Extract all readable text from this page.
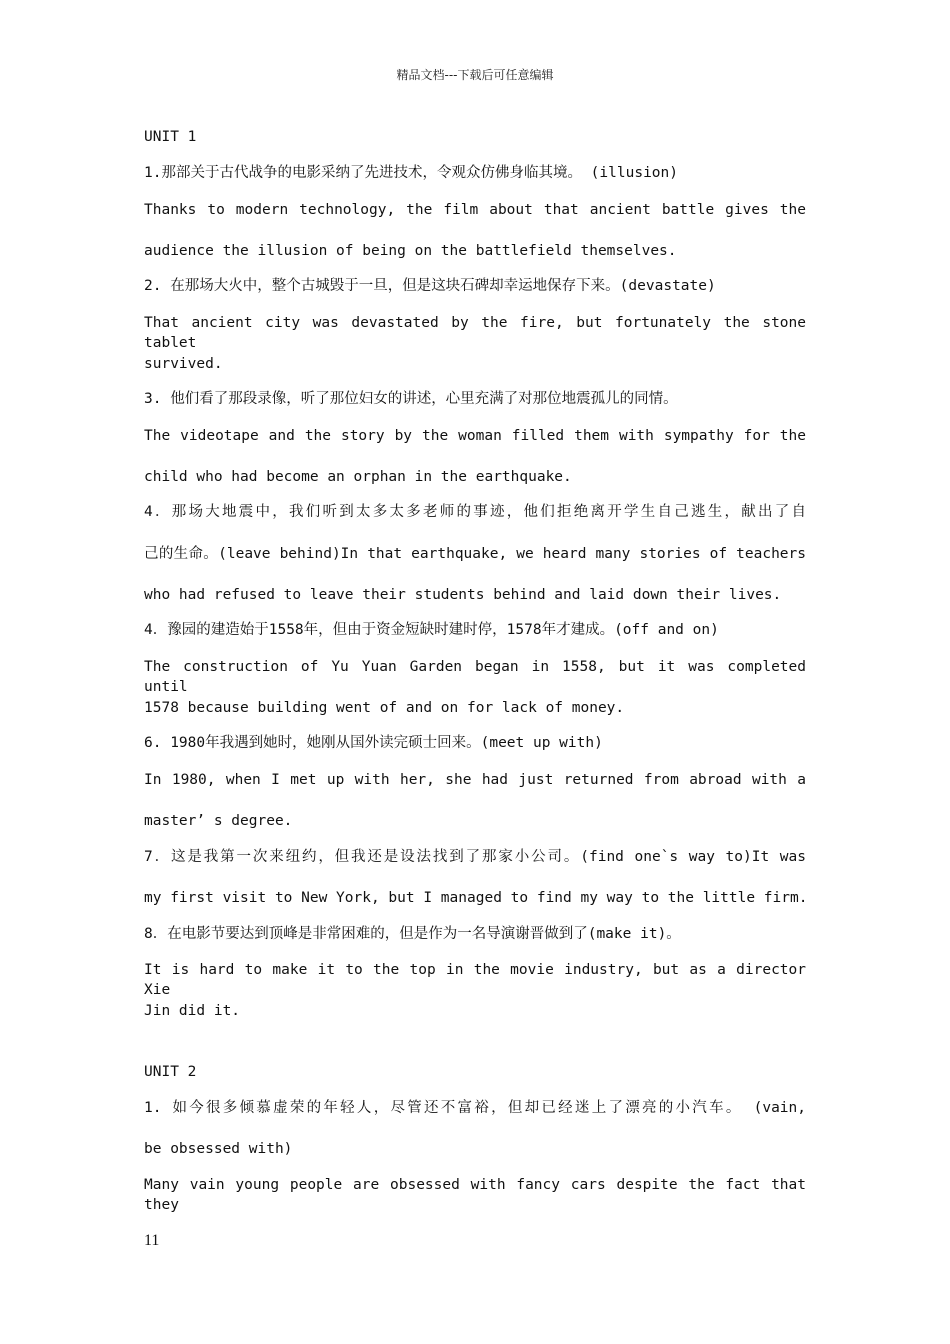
精品文档---下载后可任意编辑
UNIT 1
1.那部关于古代战争的电影采纳了先进技术，令观众仿佛身临其境。 (illusion)
Thanks to modern technology, the film about that ancient battle gives the
audience the illusion of being on the battlefield themselves.
2. 在那场大火中，整个古城毁于一旦，但是这块石碑却幸运地保存下来。(devastate)
That ancient city was devastated by the fire, but fortunately the stone tablet
survived.
3. 他们看了那段录像，听了那位妇女的讲述，心里充满了对那位地震孤儿的同情。
The videotape and the story by the woman filled them with sympathy for the
child who had become an orphan in the earthquake.
4．那场大地震中，我们听到太多太多老师的事迹，他们拒绝离开学生自己逃生，献出了自
己的生命。(leave behind)In that earthquake, we heard many stories of teachers
who had refused to leave their students behind and laid down their lives.
4．豫园的建造始于1558年，但由于资金短缺时建时停，1578年才建成。(off and on)
The construction of Yu Yuan Garden began in 1558, but it was completed until
1578 because building went of and on for lack of money.
6. 1980年我遇到她时，她刚从国外读完硕士回来。(meet up with)
In 1980, when I met up with her, she had just returned from abroad with a
master’ s degree.
7．这是我第一次来纽约，但我还是设法找到了那家小公司。(find one`s way to)It was
my first visit to New York, but I managed to find my way to the little firm.
8．在电影节要达到顶峰是非常困难的，但是作为一名导演谢晋做到了(make it)。
It is hard to make it to the top in the movie industry, but as a director Xie
Jin did it.
UNIT 2
1. 如今很多倾慕虚荣的年轻人，尽管还不富裕，但却已经迷上了漂亮的小汽车。 (vain,
be obsessed with)
Many vain young people are obsessed with fancy cars despite the fact that they
11
